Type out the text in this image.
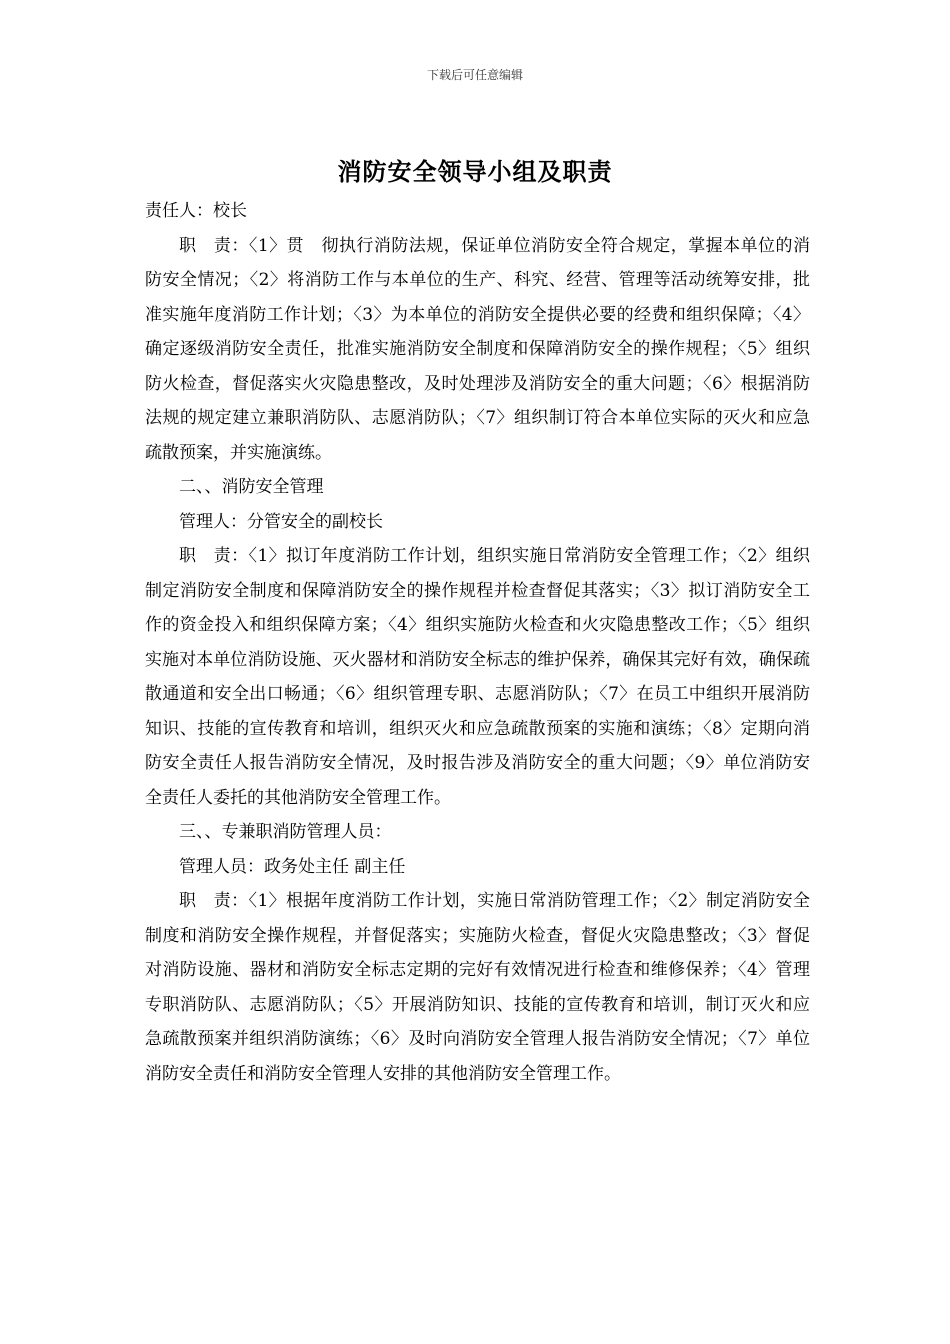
下载后可任意编辑
消防安全领导小组及职责

责任人：校长

职　责：〈1〉贯　彻执行消防法规，保证单位消防安全符合规定，掌握本单位的消防安全情况；〈2〉将消防工作与本单位的生产、科究、经营、管理等活动统筹安排，批准实施年度消防工作计划；〈3〉为本单位的消防安全提供必要的经费和组织保障；〈4〉确定逐级消防安全责任，批准实施消防安全制度和保障消防安全的操作规程；〈5〉组织防火检查，督促落实火灾隐患整改，及时处理涉及消防安全的重大问题；〈6〉根据消防法规的规定建立兼职消防队、志愿消防队；〈7〉组织制订符合本单位实际的灭火和应急疏散预案，并实施演练。

二、、消防安全管理

管理人：分管安全的副校长

职　责：〈1〉拟订年度消防工作计划，组织实施日常消防安全管理工作；〈2〉组织制定消防安全制度和保障消防安全的操作规程并检查督促其落实；〈3〉拟订消防安全工作的资金投入和组织保障方案；〈4〉组织实施防火检查和火灾隐患整改工作；〈5〉组织实施对本单位消防设施、灭火器材和消防安全标志的维护保养，确保其完好有效，确保疏散通道和安全出口畅通；〈6〉组织管理专职、志愿消防队；〈7〉在员工中组织开展消防知识、技能的宣传教育和培训，组织灭火和应急疏散预案的实施和演练；〈8〉定期向消防安全责任人报告消防安全情况，及时报告涉及消防安全的重大问题；〈9〉单位消防安全责任人委托的其他消防安全管理工作。

三、、专兼职消防管理人员：

管理人员：政务处主任 副主任

职　责：〈1〉根据年度消防工作计划，实施日常消防管理工作；〈2〉制定消防安全制度和消防安全操作规程，并督促落实；实施防火检查，督促火灾隐患整改；〈3〉督促对消防设施、器材和消防安全标志定期的完好有效情况进行检查和维修保养；〈4〉管理专职消防队、志愿消防队；〈5〉开展消防知识、技能的宣传教育和培训，制订灭火和应急疏散预案并组织消防演练；〈6〉及时向消防安全管理人报告消防安全情况；〈7〉单位消防安全责任和消防安全管理人安排的其他消防安全管理工作。
